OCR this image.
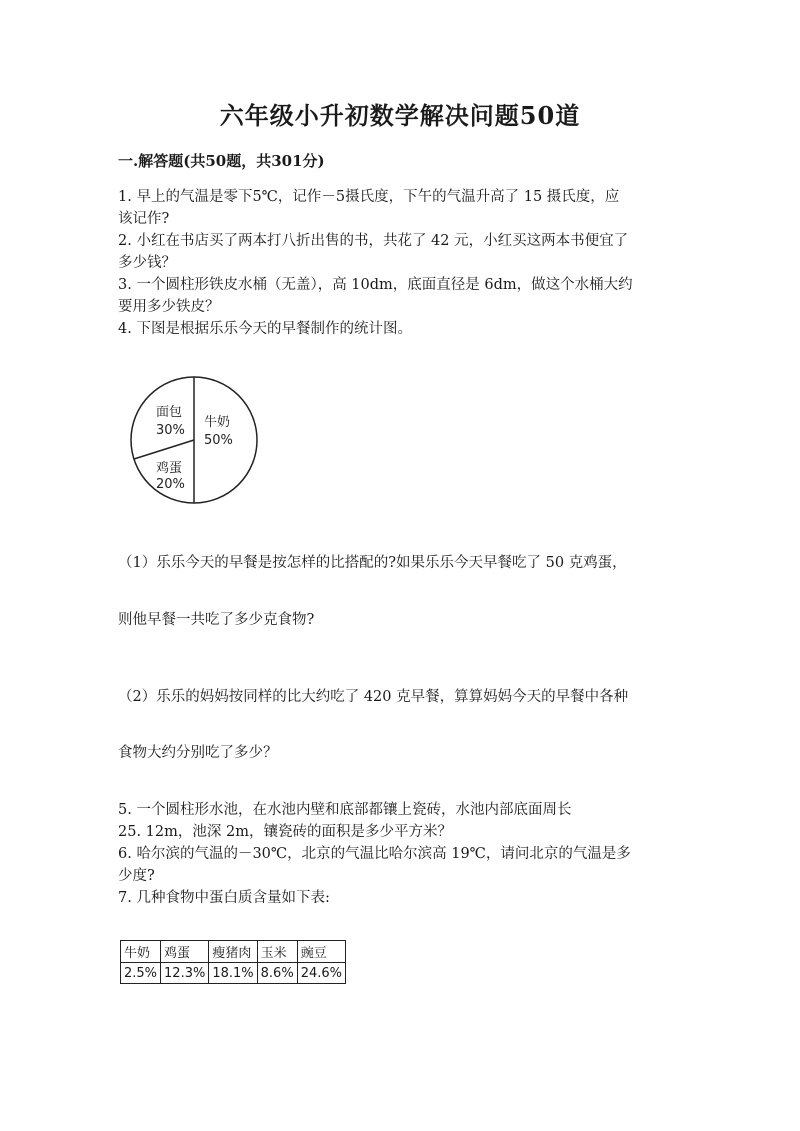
六年级小升初数学解决问题50道
一.解答题(共50题，共301分)
1. 早上的气温是零下5℃，记作－5摄氏度，下午的气温升高了 15 摄氏度，应
该记作?
2. 小红在书店买了两本打八折出售的书，共花了 42 元，小红买这两本书便宜了
多少钱？
3. 一个圆柱形铁皮水桶（无盖），高 10dm，底面直径是 6dm，做这个水桶大约
要用多少铁皮？
4. 下图是根据乐乐今天的早餐制作的统计图。
牛奶
50%
鸡蛋
20%
面包
30%
（1）乐乐今天的早餐是按怎样的比搭配的?如果乐乐今天早餐吃了 50 克鸡蛋，
则他早餐一共吃了多少克食物?
（2）乐乐的妈妈按同样的比大约吃了 420 克早餐，算算妈妈今天的早餐中各种
食物大约分别吃了多少？
5. 一个圆柱形水池，在水池内壁和底部都镶上瓷砖，水池内部底面周长
25. 12m，池深 2m，镶瓷砖的面积是多少平方米？
6. 哈尔滨的气温的－30℃，北京的气温比哈尔滨高 19℃，请问北京的气温是多
少度?
7. 几种食物中蛋白质含量如下表:
牛奶	鸡蛋	瘦猪肉	玉米	豌豆
2.5%	12.3%	18.1%	8.6%	24.6%
